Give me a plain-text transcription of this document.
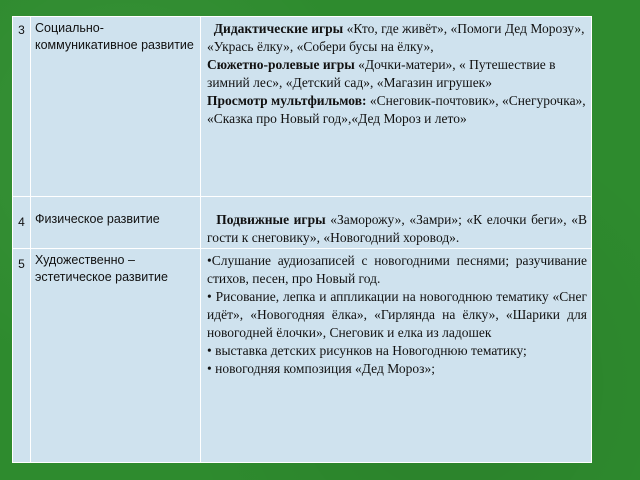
3	Социально-коммуникативное развитие	Дидактические игры «Кто, где живёт», «Помоги Дед Морозу», «Укрась ёлку», «Собери бусы на ёлку»,

Сюжетно-ролевые игры «Дочки-матери», « Путешествие в зимний лес», «Детский сад», «Магазин игрушек»

Просмотр мультфильмов: «Снеговик-почтовик», «Снегурочка», «Сказка про Новый год»,«Дед Мороз и лето»

4	Физическое развитие	Подвижные игры «Заморожу», «Замри»; «К елочки беги», «В гости к снеговику», «Новогодний хоровод».

5	Художественно – эстетическое развитие	•Слушание аудиозаписей с новогодними песнями; разучивание стихов, песен, про Новый год.

• Рисование, лепка и аппликации на новогоднюю тематику «Снег идёт», «Новогодняя ёлка», «Гирлянда на ёлку», «Шарики для новогодней ёлочки», Снеговик и елка из ладошек

• выставка детских рисунков на Новогоднюю тематику;

• новогодняя композиция «Дед Мороз»;
